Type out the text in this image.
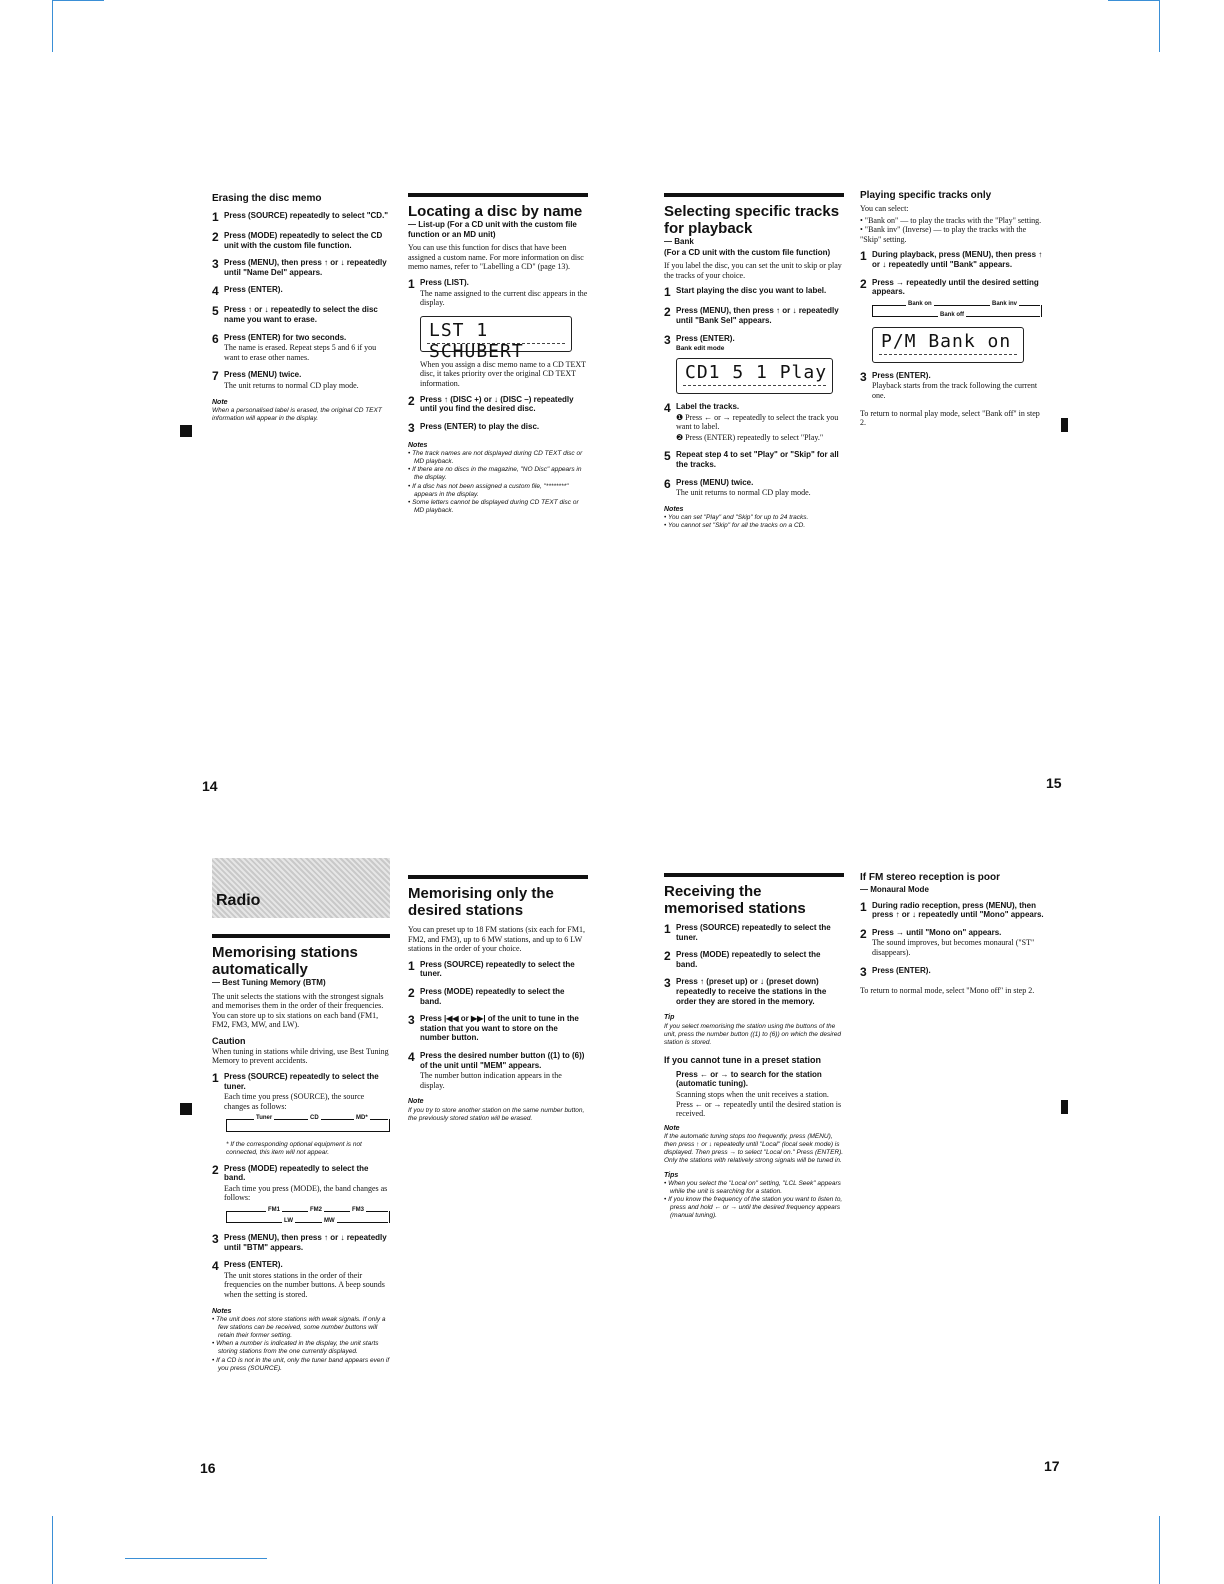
14	15
16	17
Erasing the disc memo
1 Press (SOURCE) repeatedly to select "CD."
2 Press (MODE) repeatedly to select the CD unit with the custom file function.
3 Press (MENU), then press ↑ or ↓ repeatedly until "Name Del" appears.
4 Press (ENTER).
5 Press ↑ or ↓ repeatedly to select the disc name you want to erase.
6 Press (ENTER) for two seconds.
The name is erased. Repeat steps 5 and 6 if you want to erase other names.
7 Press (MENU) twice.
The unit returns to normal CD play mode.
Note
When a personalised label is erased, the original CD TEXT information will appear in the display.
Locating a disc by name
— List-up (For a CD unit with the custom file function or an MD unit)
You can use this function for discs that have been assigned a custom name. For more information on disc memo names, refer to "Labelling a CD" (page 13).
1 Press (LIST).
The name assigned to the current disc appears in the display.
LST 1 SCHUBERT
When you assign a disc memo name to a CD TEXT disc, it takes priority over the original CD TEXT information.
2 Press ↑ (DISC +) or ↓ (DISC –) repeatedly until you find the desired disc.
3 Press (ENTER) to play the disc.
Notes
• The track names are not displayed during CD TEXT disc or MD playback.
• If there are no discs in the magazine, "NO Disc" appears in the display.
• If a disc has not been assigned a custom file, "********" appears in the display.
• Some letters cannot be displayed during CD TEXT disc or MD playback.
Selecting specific tracks for playback
— Bank
(For a CD unit with the custom file function)
If you label the disc, you can set the unit to skip or play the tracks of your choice.
1 Start playing the disc you want to label.
2 Press (MENU), then press ↑ or ↓ repeatedly until "Bank Sel" appears.
3 Press (ENTER).
Bank edit mode
CD1 5 1 Play
4 Label the tracks.
❶ Press ← or → repeatedly to select the track you want to label.
❷ Press (ENTER) repeatedly to select "Play."
5 Repeat step 4 to set "Play" or "Skip" for all the tracks.
6 Press (MENU) twice.
The unit returns to normal CD play mode.
Notes
• You can set "Play" and "Skip" for up to 24 tracks.
• You cannot set "Skip" for all the tracks on a CD.
Playing specific tracks only
You can select:
• "Bank on" — to play the tracks with the "Play" setting.
• "Bank inv" (Inverse) — to play the tracks with the "Skip" setting.
1 During playback, press (MENU), then press ↑ or ↓ repeatedly until "Bank" appears.
2 Press → repeatedly until the desired setting appears.
Bank on	Bank inv
Bank off
P/M Bank on
3 Press (ENTER).
Playback starts from the track following the current one.
To return to normal play mode, select "Bank off" in step 2.
Radio
Memorising stations automatically
— Best Tuning Memory (BTM)
The unit selects the stations with the strongest signals and memorises them in the order of their frequencies. You can store up to six stations on each band (FM1, FM2, FM3, MW, and LW).
Caution
When tuning in stations while driving, use Best Tuning Memory to prevent accidents.
1 Press (SOURCE) repeatedly to select the tuner.
Each time you press (SOURCE), the source changes as follows:
Tuner	CD	MD*
* If the corresponding optional equipment is not connected, this item will not appear.
2 Press (MODE) repeatedly to select the band.
Each time you press (MODE), the band changes as follows:
FM1	FM2	FM3
LW	MW
3 Press (MENU), then press ↑ or ↓ repeatedly until "BTM" appears.
4 Press (ENTER).
The unit stores stations in the order of their frequencies on the number buttons. A beep sounds when the setting is stored.
Notes
• The unit does not store stations with weak signals. If only a few stations can be received, some number buttons will retain their former setting.
• When a number is indicated in the display, the unit starts storing stations from the one currently displayed.
• If a CD is not in the unit, only the tuner band appears even if you press (SOURCE).
Memorising only the desired stations
You can preset up to 18 FM stations (six each for FM1, FM2, and FM3), up to 6 MW stations, and up to 6 LW stations in the order of your choice.
1 Press (SOURCE) repeatedly to select the tuner.
2 Press (MODE) repeatedly to select the band.
3 Press |◀◀ or ▶▶| of the unit to tune in the station that you want to store on the number button.
4 Press the desired number button ((1) to (6)) of the unit until "MEM" appears.
The number button indication appears in the display.
Note
If you try to store another station on the same number button, the previously stored station will be erased.
Receiving the memorised stations
1 Press (SOURCE) repeatedly to select the tuner.
2 Press (MODE) repeatedly to select the band.
3 Press ↑ (preset up) or ↓ (preset down) repeatedly to receive the stations in the order they are stored in the memory.
Tip
If you select memorising the station using the buttons of the unit, press the number button ((1) to (6)) on which the desired station is stored.
If you cannot tune in a preset station
Press ← or → to search for the station (automatic tuning).
Scanning stops when the unit receives a station. Press ← or → repeatedly until the desired station is received.
Note
If the automatic tuning stops too frequently, press (MENU), then press ↑ or ↓ repeatedly until "Local" (local seek mode) is displayed. Then press → to select "Local on." Press (ENTER). Only the stations with relatively strong signals will be tuned in.
Tips
• When you select the "Local on" setting, "LCL Seek" appears while the unit is searching for a station.
• If you know the frequency of the station you want to listen to, press and hold ← or → until the desired frequency appears (manual tuning).
If FM stereo reception is poor
— Monaural Mode
1 During radio reception, press (MENU), then press ↑ or ↓ repeatedly until "Mono" appears.
2 Press → until "Mono on" appears.
The sound improves, but becomes monaural ("ST" disappears).
3 Press (ENTER).
To return to normal mode, select "Mono off" in step 2.
